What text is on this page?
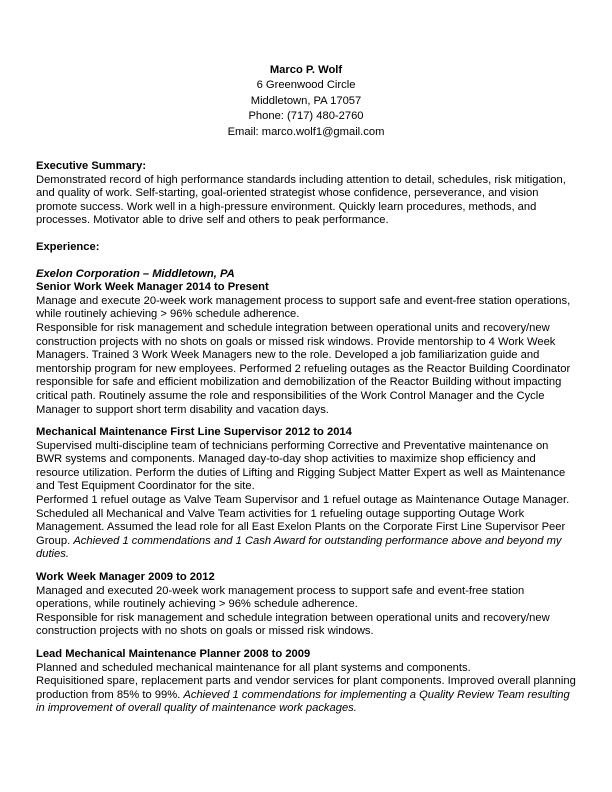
Marco P. Wolf
6 Greenwood Circle
Middletown, PA 17057
Phone: (717) 480-2760
Email: marco.wolf1@gmail.com
Executive Summary:

Demonstrated record of high performance standards including attention to detail, schedules, risk mitigation, and quality of work. Self-starting, goal-oriented strategist whose confidence, perseverance, and vision promote success. Work well in a high-pressure environment. Quickly learn procedures, methods, and processes. Motivator able to drive self and others to peak performance.

Experience:
Exelon Corporation – Middletown, PA
Senior Work Week Manager 2014 to Present

Manage and execute 20-week work management process to support safe and event-free station operations, while routinely achieving > 96% schedule adherence.

Responsible for risk management and schedule integration between operational units and recovery/new construction projects with no shots on goals or missed risk windows. Provide mentorship to 4 Work Week Managers. Trained 3 Work Week Managers new to the role. Developed a job familiarization guide and mentorship program for new employees. Performed 2 refueling outages as the Reactor Building Coordinator responsible for safe and efficient mobilization and demobilization of the Reactor Building without impacting critical path. Routinely assume the role and responsibilities of the Work Control Manager and the Cycle Manager to support short term disability and vacation days.

Mechanical Maintenance First Line Supervisor 2012 to 2014

Supervised multi-discipline team of technicians performing Corrective and Preventative maintenance on BWR systems and components. Managed day-to-day shop activities to maximize shop efficiency and resource utilization. Perform the duties of Lifting and Rigging Subject Matter Expert as well as Maintenance and Test Equipment Coordinator for the site.

Performed 1 refuel outage as Valve Team Supervisor and 1 refuel outage as Maintenance Outage Manager. Scheduled all Mechanical and Valve Team activities for 1 refueling outage supporting Outage Work Management. Assumed the lead role for all East Exelon Plants on the Corporate First Line Supervisor Peer Group. Achieved 1 commendations and 1 Cash Award for outstanding performance above and beyond my duties.

Work Week Manager 2009 to 2012

Managed and executed 20-week work management process to support safe and event-free station operations, while routinely achieving > 96% schedule adherence.

Responsible for risk management and schedule integration between operational units and recovery/new construction projects with no shots on goals or missed risk windows.

Lead Mechanical Maintenance Planner 2008 to 2009

Planned and scheduled mechanical maintenance for all plant systems and components.

Requisitioned spare, replacement parts and vendor services for plant components. Improved overall planning production from 85% to 99%. Achieved 1 commendations for implementing a Quality Review Team resulting in improvement of overall quality of maintenance work packages.
